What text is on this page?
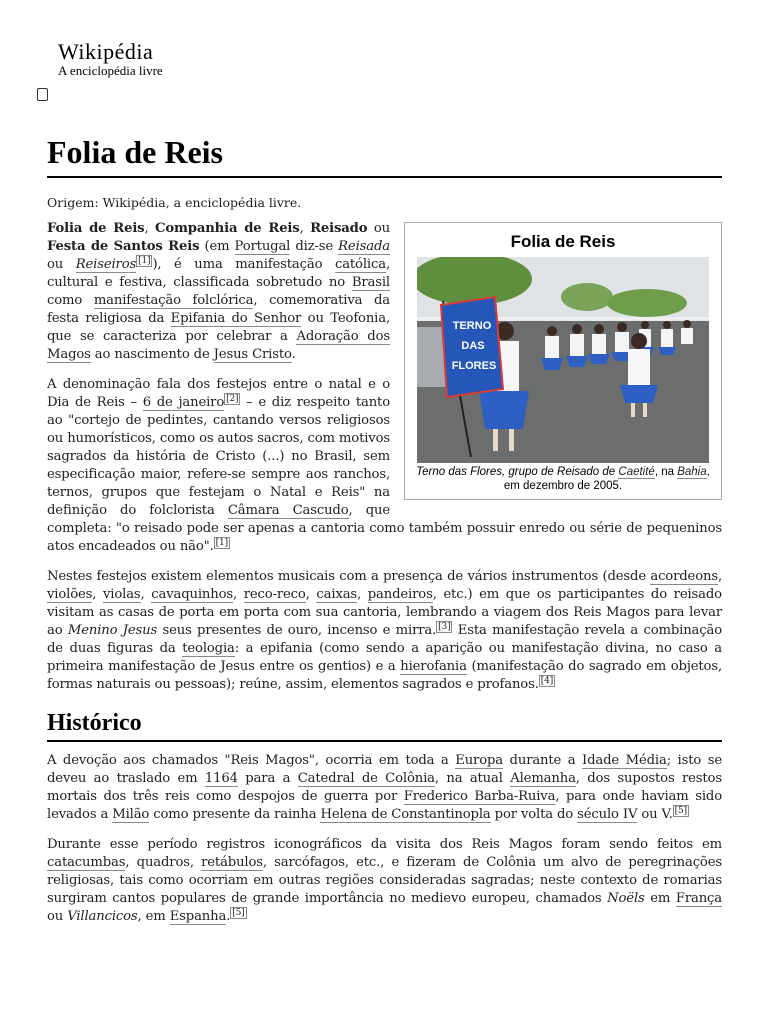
Wikipédia
A enciclopédia livre
Folia de Reis
Origem: Wikipédia, a enciclopédia livre.
Folia de Reis
TERNO
DAS
FLORES
Terno das Flores, grupo de Reisado de Caetité, na Bahia, em dezembro de 2005.

Folia de Reis, Companhia de Reis, Reisado ou Festa de Santos Reis (em Portugal diz-se Reisada ou Reiseiros [1] ), é uma manifestação católica, cultural e festiva, classificada sobretudo no Brasil como manifestação folclórica, comemorativa da festa religiosa da Epifania do Senhor ou Teofonia, que se caracteriza por celebrar a Adoração dos Magos ao nascimento de Jesus Cristo.

A denominação fala dos festejos entre o natal e o Dia de Reis – 6 de janeiro [2] – e diz respeito tanto ao "cortejo de pedintes, cantando versos religiosos ou humorísticos, como os autos sacros, com motivos sagrados da história de Cristo (...) no Brasil, sem especificação maior, refere-se sempre aos ranchos, ternos, grupos que festejam o Natal e Reis" na definição do folclorista Câmara Cascudo, que completa: "o reisado pode ser apenas a cantoria como também possuir enredo ou série de pequeninos atos encadeados ou não". [1]

Nestes festejos existem elementos musicais com a presença de vários instrumentos (desde acordeons, violões, violas, cavaquinhos, reco-reco, caixas, pandeiros, etc.) em que os participantes do reisado visitam as casas de porta em porta com sua cantoria, lembrando a viagem dos Reis Magos para levar ao Menino Jesus seus presentes de ouro, incenso e mirra. [3] Esta manifestação revela a combinação de duas figuras da teologia: a epifania (como sendo a aparição ou manifestação divina, no caso a primeira manifestação de Jesus entre os gentios) e a hierofania (manifestação do sagrado em objetos, formas naturais ou pessoas); reúne, assim, elementos sagrados e profanos. [4]

Histórico

A devoção aos chamados "Reis Magos", ocorria em toda a Europa durante a Idade Média; isto se deveu ao traslado em 1164 para a Catedral de Colônia, na atual Alemanha, dos supostos restos mortais dos três reis como despojos de guerra por Frederico Barba-Ruiva, para onde haviam sido levados a Milão como presente da rainha Helena de Constantinopla por volta do século IV ou V. [5]

Durante esse período registros iconográficos da visita dos Reis Magos foram sendo feitos em catacumbas, quadros, retábulos, sarcófagos, etc., e fizeram de Colônia um alvo de peregrinações religiosas, tais como ocorriam em outras regiões consideradas sagradas; neste contexto de romarias surgiram cantos populares de grande importância no medievo europeu, chamados Noëls em França ou Villancicos, em Espanha. [5]
